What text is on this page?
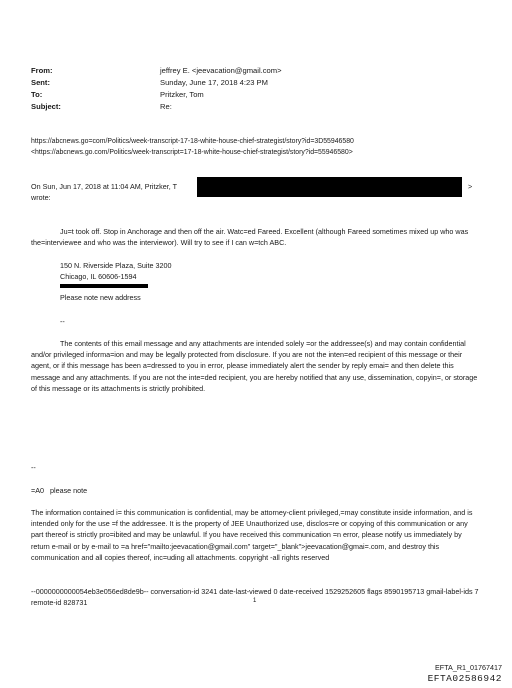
From:	jeffrey E. <jeevacation@gmail.com>
Sent:	Sunday, June 17, 2018 4:23 PM
To:	Pritzker, Tom
Subject:	Re:
https://abcnews.go=com/Politics/week-transcript-17-18-white-house-chief-strategist/story?id=3D55946580
<https://abcnews.go.com/Politics/week-transcript=17-18-white-house-chief-strategist/story?id=55946580>
On Sun, Jun 17, 2018 at 11:04 AM, Pritzker, T	>
wrote:
Ju=t took off. Stop in Anchorage and then off the air. Watc=ed Fareed. Excellent (although Fareed sometimes mixed up who was the=interviewee and who was the interviewor). Will try to see if I can w=tch ABC.
150 N. Riverside Plaza, Suite 3200
Chicago, IL 60606-1594
Please note new address
--
The contents of this email message and any attachments are intended solely =or the addressee(s) and may contain confidential and/or privileged informa=ion and may be legally protected from disclosure. If you are not the inten=ed recipient of this message or their agent, or if this message has been a=dressed to you in error, please immediately alert the sender by reply emai= and then delete this message and any attachments. If you are not the inte=ded recipient, you are hereby notified that any use, dissemination, copyin=, or storage of this message or its attachments is strictly prohibited.
--
=A0   please note
The information contained i= this communication is confidential, may be attorney-client privileged,=may constitute inside information, and is intended only for the use =f the addressee. It is the property of JEE Unauthorized use, disclos=re or copying of this communication or any part thereof is strictly pro=ibited and may be unlawful. If you have received this communication =n error, please notify us immediately by return e-mail or by e-mail to =a href="mailto:jeevacation@gmail.com" target="_blank">jeevacation@gmai=.com, and destroy this communication and all copies thereof, inc=uding all attachments. copyright -all rights reserved
--0000000000054eb3e056ed8de9b-- conversation-id 3241 date-last-viewed 0 date-received 1529252605 flags 8590195713 gmail-label-ids 7 remote-id 828731	1
EFTA_R1_01767417
EFTA02586942
